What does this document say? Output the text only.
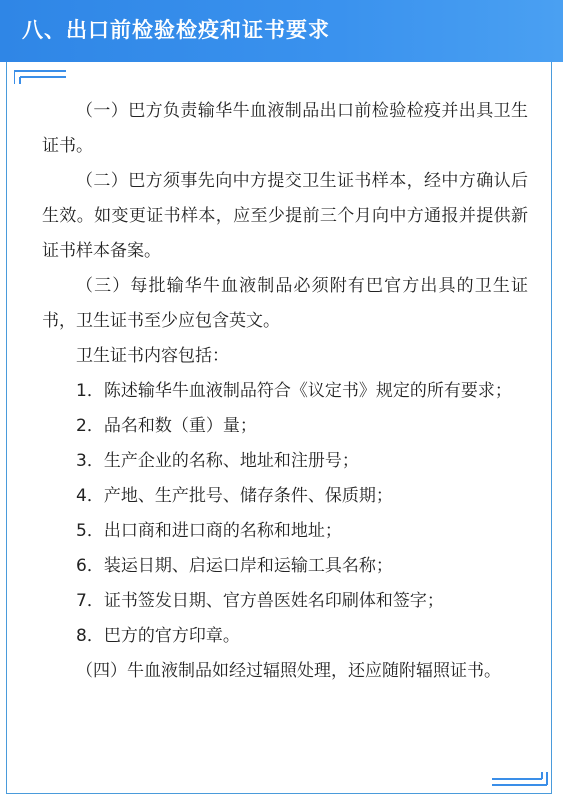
八、出口前检验检疫和证书要求

（一）巴方负责输华牛血液制品出口前检验检疫并出具卫生证书。

（二）巴方须事先向中方提交卫生证书样本，经中方确认后生效。如变更证书样本，应至少提前三个月向中方通报并提供新证书样本备案。

（三）每批输华牛血液制品必须附有巴官方出具的卫生证书，卫生证书至少应包含英文。

卫生证书内容包括：

1．陈述输华牛血液制品符合《议定书》规定的所有要求；

2．品名和数（重）量；

3．生产企业的名称、地址和注册号；

4．产地、生产批号、储存条件、保质期；

5．出口商和进口商的名称和地址；

6．装运日期、启运口岸和运输工具名称；

7．证书签发日期、官方兽医姓名印刷体和签字；

8．巴方的官方印章。

（四）牛血液制品如经过辐照处理，还应随附辐照证书。
